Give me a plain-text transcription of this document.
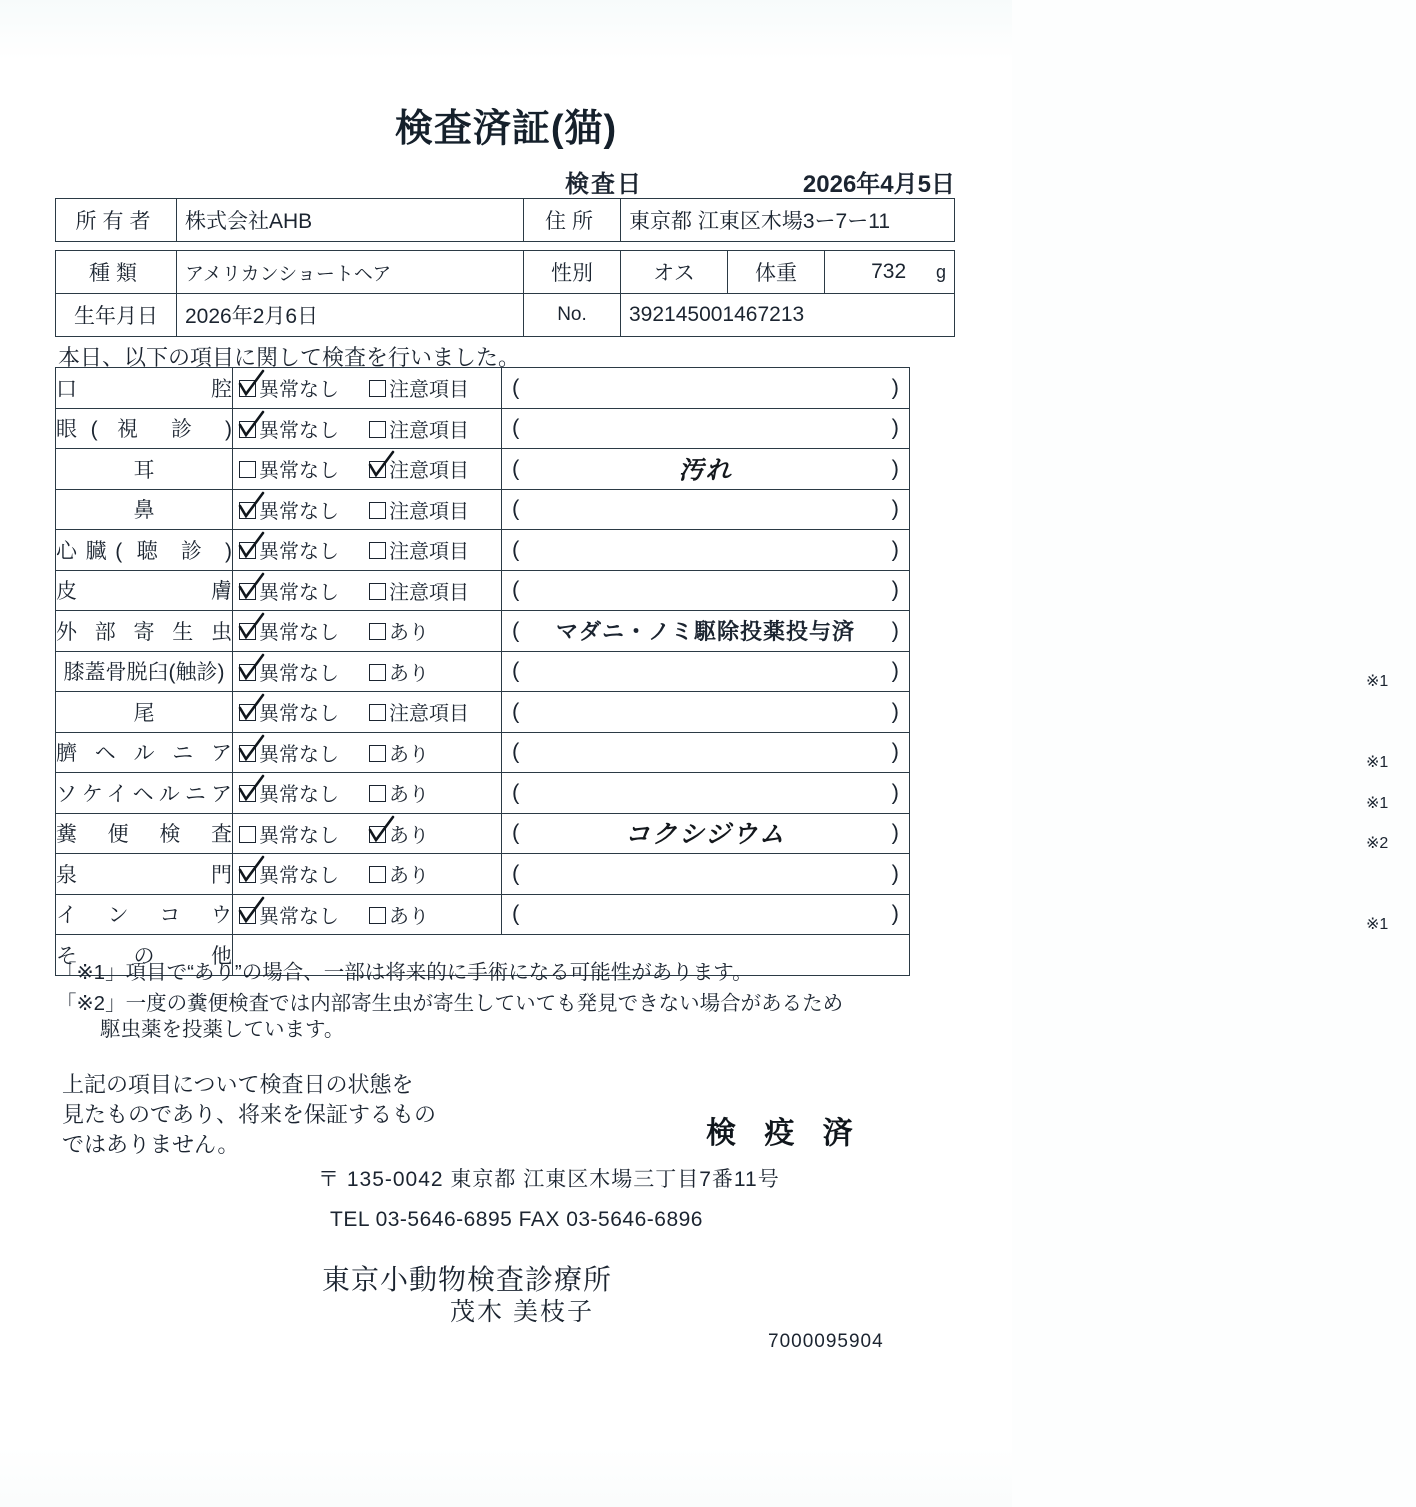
検査済証(猫)
検査日	2026年4月5日
所有者	株式会社AHB	住所	東京都 江東区木場3ー7ー11
種類	アメリカンショートヘア	性別	オス	体重	732 g
生年月日	2026年2月6日	No.	392145001467213		
本日、以下の項目に関して検査を行いました。
口腔	異常なし 注意項目	( )

眼( 視 診 )	異常なし 注意項目	( )

耳	異常なし 注意項目	( 汚れ )

鼻	異常なし 注意項目	( )

心臓( 聴 診 )	異常なし 注意項目	( )

皮膚	異常なし 注意項目	( )

外部寄生虫	異常なし あり	( マダニ・ノミ駆除投薬投与済 )

膝蓋骨脱臼(触診)	異常なし あり	( ) ※1

尾	異常なし 注意項目	( )

臍ヘルニア	異常なし あり	( ) ※1

ソケイヘルニア	異常なし あり	( ) ※1

糞便検査	異常なし あり	( コクシジウム ) ※2

泉門	異常なし あり	( )

インコウ	異常なし あり	( ) ※1

その他		
「※1」項目で“あり”の場合、一部は将来的に手術になる可能性があります。
「※2」一度の糞便検査では内部寄生虫が寄生していても発見できない場合があるため
駆虫薬を投薬しています。
上記の項目について検査日の状態を
見たものであり、将来を保証するもの
ではありません。	検 疫 済
〒 135-0042 東京都 江東区木場三丁目7番11号
TEL 03-5646-6895 FAX 03-5646-6896
東京小動物検査診療所
茂木 美枝子
7000095904
